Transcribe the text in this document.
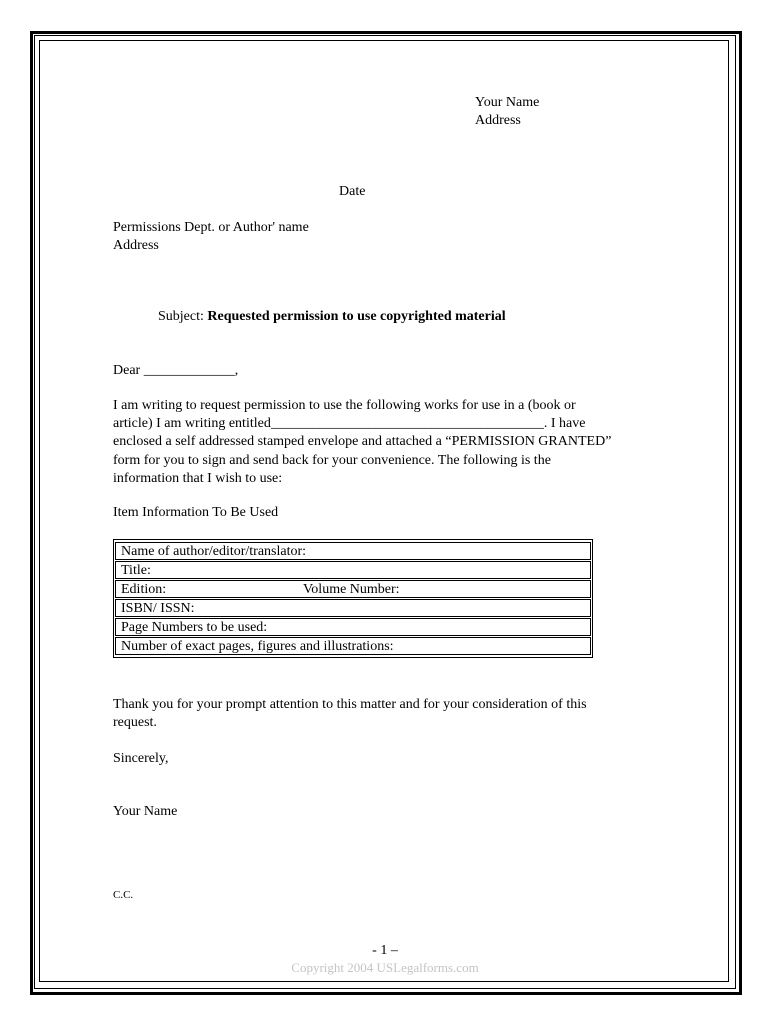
Your Name
Address
Date
Permissions Dept. or Author' name
Address
Subject: Requested permission to use copyrighted material
Dear _____________,
I am writing to request permission to use the following works for use in a (book or
article) I am writing entitled_______________________________________. I have
enclosed a self addressed stamped envelope and attached a “PERMISSION GRANTED”
form for you to sign and send back for your convenience. The following is the
information that I wish to use:
Item Information To Be Used
Name of author/editor/translator:
Title:
Edition:	Volume Number:
ISBN/ ISSN:
Page Numbers to be used:
Number of exact pages, figures and illustrations:
Thank you for your prompt attention to this matter and for your consideration of this
request.
Sincerely,
Your Name
C.C.
- 1 –
Copyright 2004 USLegalforms.com
